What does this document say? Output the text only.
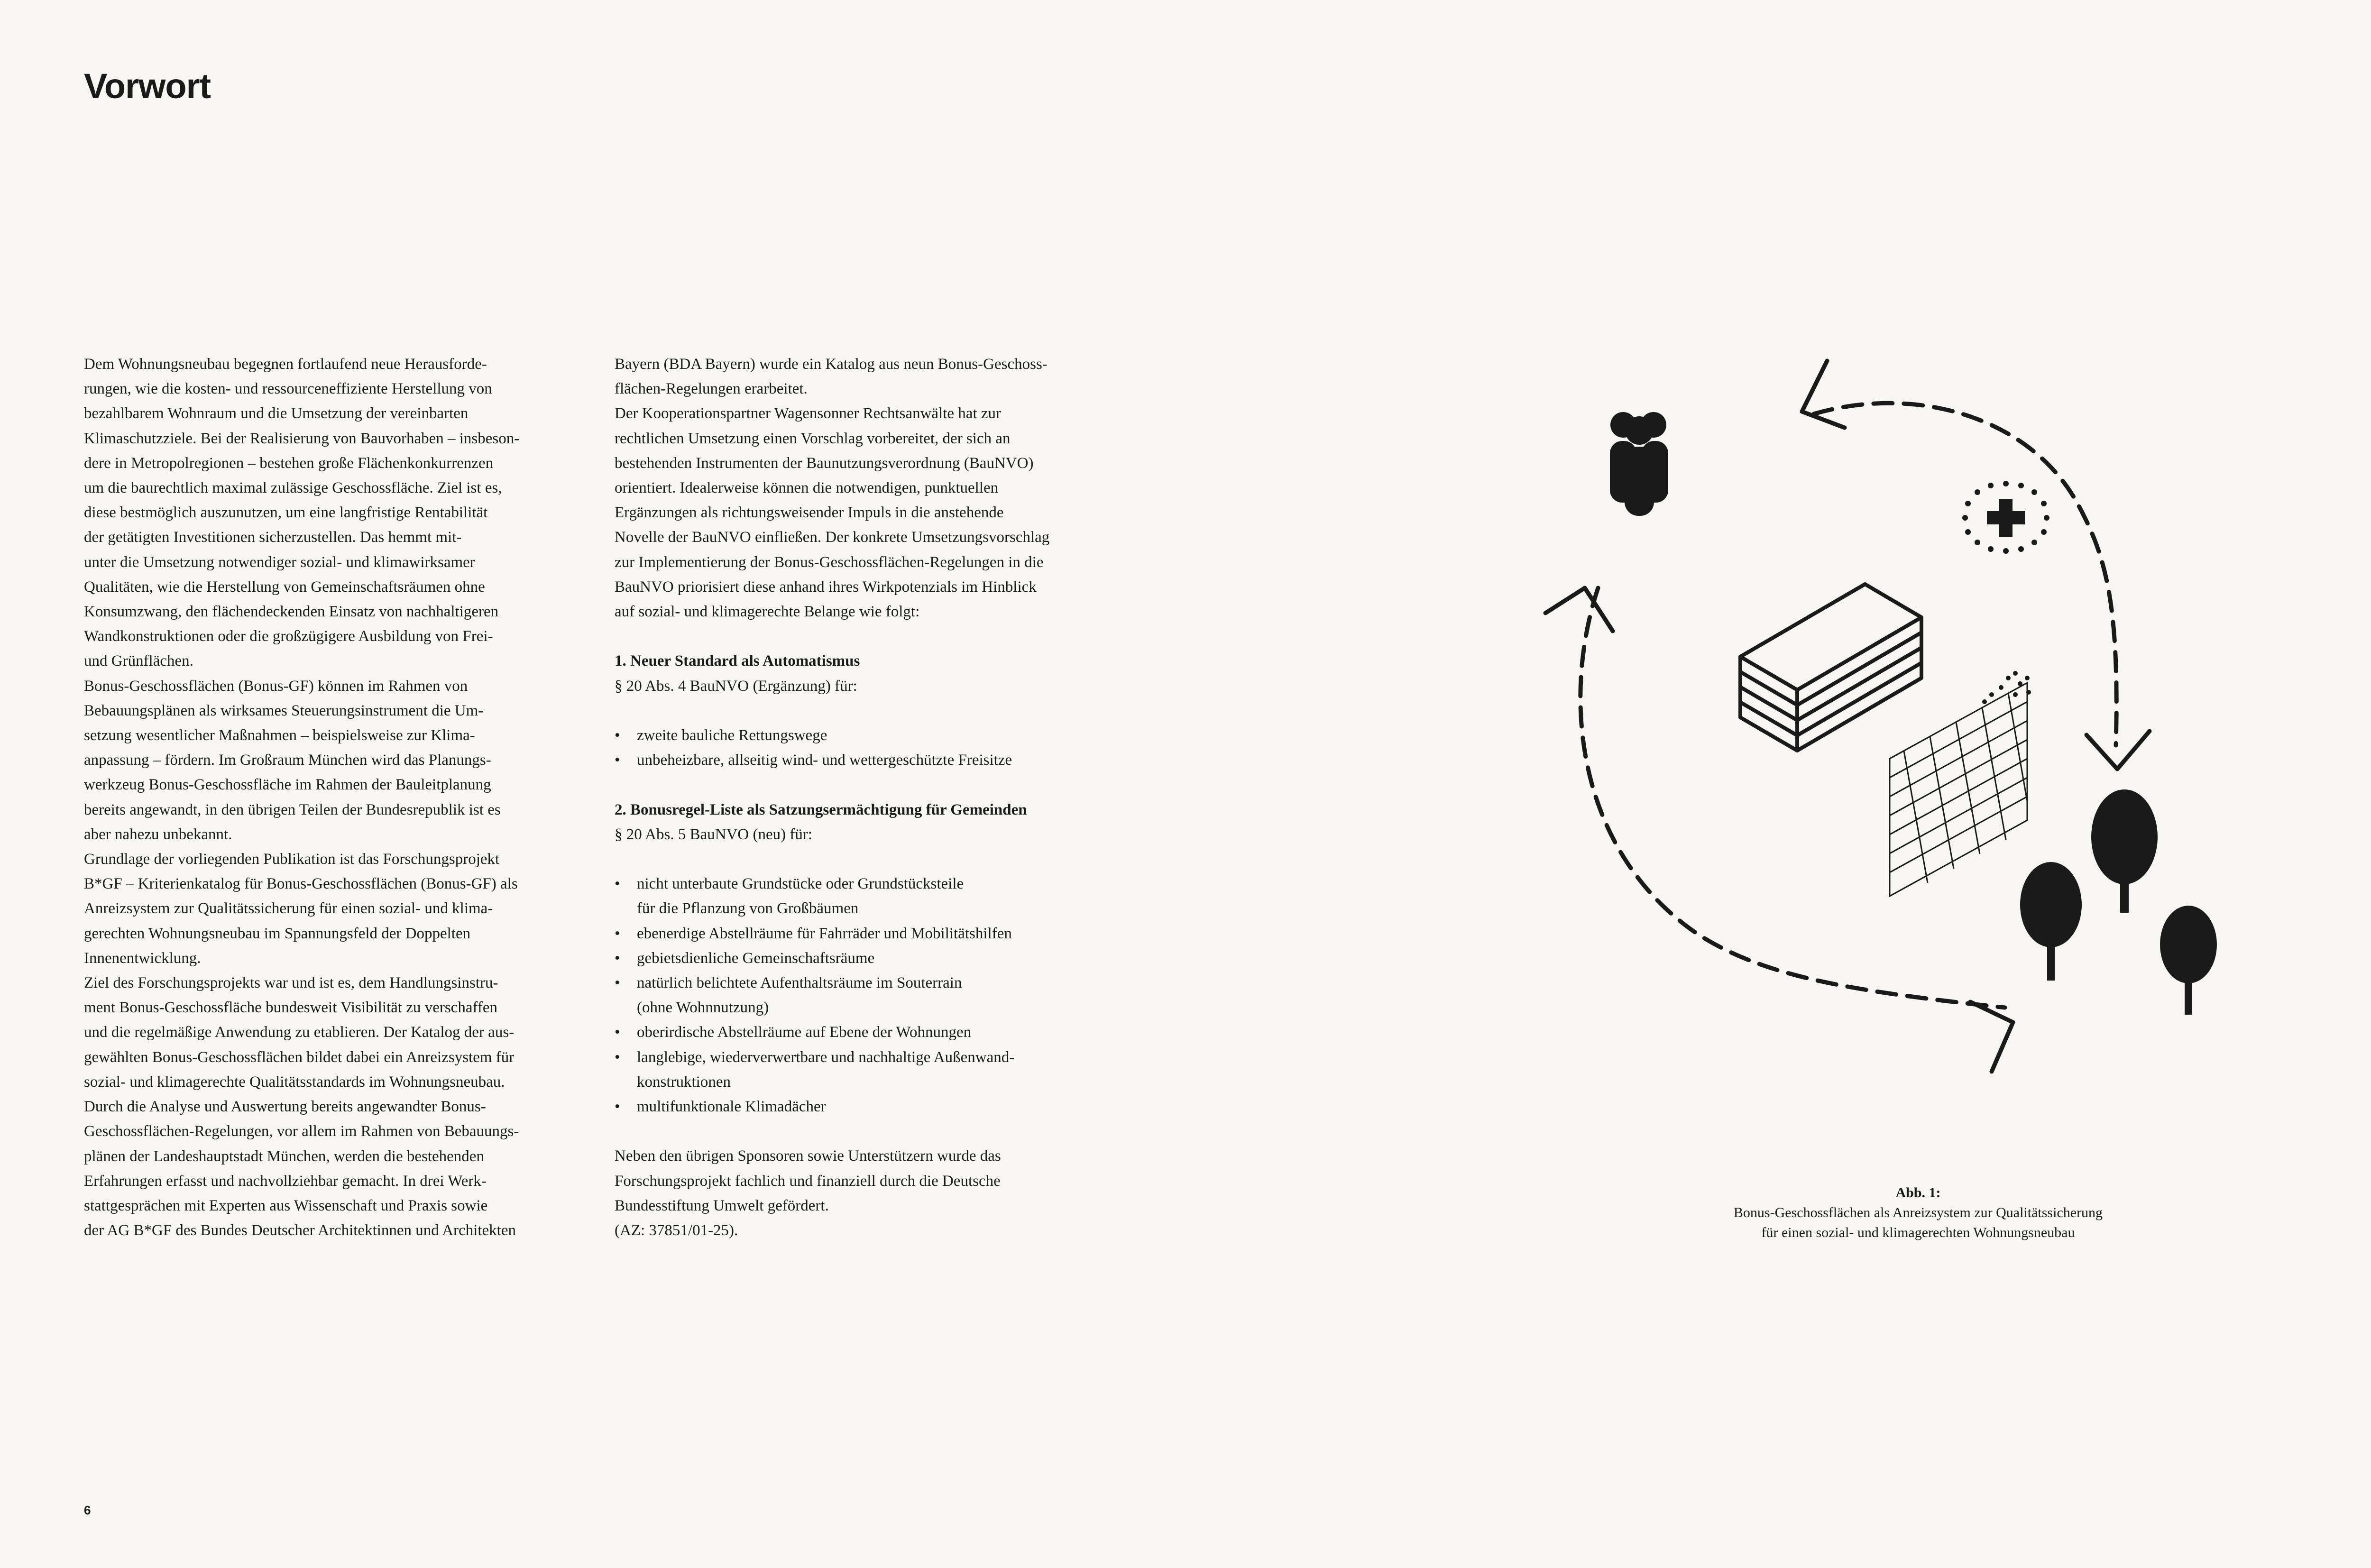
Vorwort
Dem Wohnungsneubau begegnen fortlaufend neue Herausforde-
rungen, wie die kosten- und ressourceneffiziente Herstellung von
bezahlbarem Wohnraum und die Umsetzung der vereinbarten
Klimaschutzziele. Bei der Realisierung von Bauvorhaben – insbeson-
dere in Metropolregionen – bestehen große Flächenkonkurrenzen
um die baurechtlich maximal zulässige Geschossfläche. Ziel ist es,
diese bestmöglich auszunutzen, um eine langfristige Rentabilität
der getätigten Investitionen sicherzustellen. Das hemmt mit-
unter die Umsetzung notwendiger sozial- und klimawirksamer
Qualitäten, wie die Herstellung von Gemeinschaftsräumen ohne
Konsumzwang, den flächendeckenden Einsatz von nachhaltigeren
Wandkonstruktionen oder die großzügigere Ausbildung von Frei-
und Grünflächen.
Bonus-Geschossflächen (Bonus-GF) können im Rahmen von
Bebauungsplänen als wirksames Steuerungsinstrument die Um-
setzung wesentlicher Maßnahmen – beispielsweise zur Klima-
anpassung – fördern. Im Großraum München wird das Planungs-
werkzeug Bonus-Geschossfläche im Rahmen der Bauleitplanung
bereits angewandt, in den übrigen Teilen der Bundesrepublik ist es
aber nahezu unbekannt.
Grundlage der vorliegenden Publikation ist das Forschungsprojekt
B*GF – Kriterienkatalog für Bonus-Geschossflächen (Bonus-GF) als
Anreizsystem zur Qualitätssicherung für einen sozial- und klima-
gerechten Wohnungsneubau im Spannungsfeld der Doppelten
Innenentwicklung.
Ziel des Forschungsprojekts war und ist es, dem Handlungsinstru-
ment Bonus-Geschossfläche bundesweit Visibilität zu verschaffen
und die regelmäßige Anwendung zu etablieren. Der Katalog der aus-
gewählten Bonus-Geschossflächen bildet dabei ein Anreizsystem für
sozial- und klimagerechte Qualitätsstandards im Wohnungsneubau.
Durch die Analyse und Auswertung bereits angewandter Bonus-
Geschossflächen-Regelungen, vor allem im Rahmen von Bebauungs-
plänen der Landeshauptstadt München, werden die bestehenden
Erfahrungen erfasst und nachvollziehbar gemacht. In drei Werk-
stattgesprächen mit Experten aus Wissenschaft und Praxis sowie
der AG B*GF des Bundes Deutscher Architektinnen und Architekten
Bayern (BDA Bayern) wurde ein Katalog aus neun Bonus-Geschoss-
flächen-Regelungen erarbeitet.
Der Kooperationspartner Wagensonner Rechtsanwälte hat zur
rechtlichen Umsetzung einen Vorschlag vorbereitet, der sich an
bestehenden Instrumenten der Baunutzungsverordnung (BauNVO)
orientiert. Idealerweise können die notwendigen, punktuellen
Ergänzungen als richtungsweisender Impuls in die anstehende
Novelle der BauNVO einfließen. Der konkrete Umsetzungsvorschlag
zur Implementierung der Bonus-Geschossflächen-Regelungen in die
BauNVO priorisiert diese anhand ihres Wirkpotenzials im Hinblick
auf sozial- und klimagerechte Belange wie folgt:
1. Neuer Standard als Automatismus
§ 20 Abs. 4 BauNVO (Ergänzung) für:
• zweite bauliche Rettungswege
• unbeheizbare, allseitig wind- und wettergeschützte Freisitze
2. Bonusregel-Liste als Satzungsermächtigung für Gemeinden
§ 20 Abs. 5 BauNVO (neu) für:
• nicht unterbaute Grundstücke oder Grundstücksteile
für die Pflanzung von Großbäumen
• ebenerdige Abstellräume für Fahrräder und Mobilitätshilfen
• gebietsdienliche Gemeinschaftsräume
• natürlich belichtete Aufenthaltsräume im Souterrain
(ohne Wohnnutzung)
• oberirdische Abstellräume auf Ebene der Wohnungen
• langlebige, wiederverwertbare und nachhaltige Außenwand-
konstruktionen
• multifunktionale Klimadächer
Neben den übrigen Sponsoren sowie Unterstützern wurde das
Forschungsprojekt fachlich und finanziell durch die Deutsche
Bundesstiftung Umwelt gefördert.
(AZ: 37851/01-25).
Abb. 1:
Bonus-Geschossflächen als Anreizsystem zur Qualitätssicherung
für einen sozial- und klimagerechten Wohnungsneubau
6
